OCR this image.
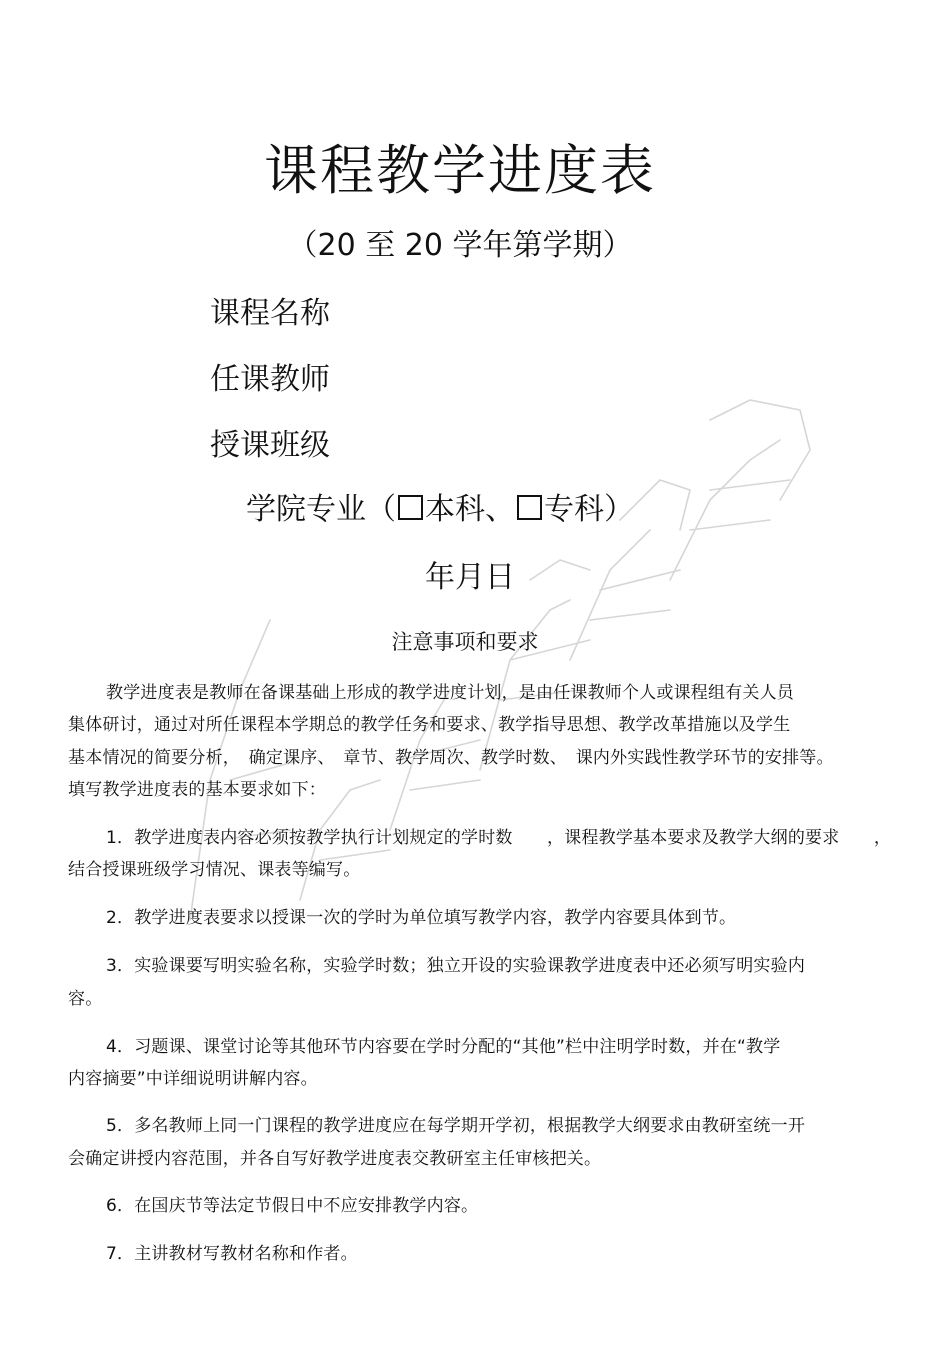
课程教学进度表
（20 至 20 学年第学期）
课程名称
任课教师
授课班级
学院专业（ 本科、 专科）
年月日
注意事项和要求
教学进度表是教师在备课基础上形成的教学进度计划，是由任课教师个人或课程组有关人员
集体研讨，通过对所任课程本学期总的教学任务和要求、教学指导思想、教学改革措施以及学生
基本情况的简要分析，　确定课序、　章节、教学周次、教学时数、　课内外实践性教学环节的安排等。
填写教学进度表的基本要求如下：
1．教学进度表内容必须按教学执行计划规定的学时数　　，课程教学基本要求及教学大纲的要求　　，
结合授课班级学习情况、课表等编写。
2．教学进度表要求以授课一次的学时为单位填写教学内容，教学内容要具体到节。
3．实验课要写明实验名称，实验学时数；独立开设的实验课教学进度表中还必须写明实验内
容。
4．习题课、课堂讨论等其他环节内容要在学时分配的“其他”栏中注明学时数，并在“教学
内容摘要”中详细说明讲解内容。
5．多名教师上同一门课程的教学进度应在每学期开学初，根据教学大纲要求由教研室统一开
会确定讲授内容范围，并各自写好教学进度表交教研室主任审核把关。
6．在国庆节等法定节假日中不应安排教学内容。
7．主讲教材写教材名称和作者。
